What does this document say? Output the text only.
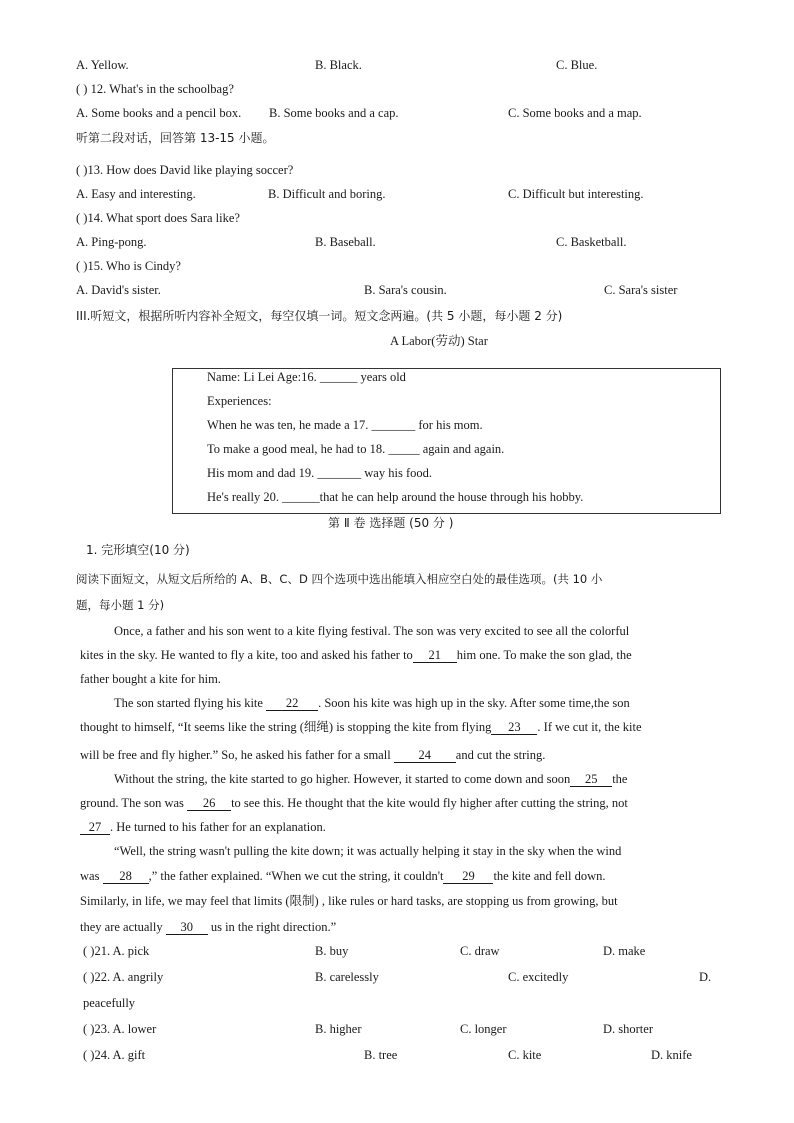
A. Yellow.	B. Black.	C. Blue.
( ) 12. What's in the schoolbag?
A. Some books and a pencil box. B. Some books and a cap.	C. Some books and a map.
听第二段对话，回答第 13-15 小题。
( )13. How does David like playing soccer?
A. Easy and interesting.	B. Difficult and boring.	C. Difficult but interesting.
( )14. What sport does Sara like?
A. Ping-pong.	B. Baseball.	C. Basketball.
( )15. Who is Cindy?
A. David's sister.	B. Sara's cousin.	C. Sara's sister
III.听短文，根据所听内容补全短文，每空仅填一词。短文念两遍。(共 5 小题，每小题 2 分)
A Labor(劳动) Star
Name: Li Lei Age:16. ______ years old
Experiences:
When he was ten, he made a 17. _______ for his mom.
To make a good meal, he had to 18. _____ again and again.
His mom and dad 19. _______ way his food.
He's really 20. ______that he can help around the house through his hobby.
第 Ⅱ 卷 选择题 (50 分 )
1. 完形填空(10 分)
阅读下面短文，从短文后所给的 A、B、C、D 四个选项中选出能填入相应空白处的最佳选项。(共 10 小
题，每小题 1 分)
Once, a father and his son went to a kite flying festival. The son was very excited to see all the colorful
kites in the sky. He wanted to fly a kite, too and asked his father to 21 him one. To make the son glad, the
father bought a kite for him.
The son started flying his kite 22 . Soon his kite was high up in the sky. After some time,the son
thought to himself, “It seems like the string (细绳) is stopping the kite from flying 23 . If we cut it, the kite
will be free and fly higher.” So, he asked his father for a small 24 and cut the string.
Without the string, the kite started to go higher. However, it started to come down and soon 25 the
ground. The son was 26 to see this. He thought that the kite would fly higher after cutting the string, not
27 . He turned to his father for an explanation.
“Well, the string wasn't pulling the kite down; it was actually helping it stay in the sky when the wind
was 28 ,” the father explained. “When we cut the string, it couldn't 29 the kite and fell down.
Similarly, in life, we may feel that limits (限制) , like rules or hard tasks, are stopping us from growing, but
they are actually 30 us in the right direction.”
( )21. A. pick	B. buy	C. draw	D. make
( )22. A. angrily	B. carelessly	C. excitedly	D.
peacefully
( )23. A. lower	B. higher	C. longer	D. shorter
( )24. A. gift	B. tree	C. kite	D. knife
